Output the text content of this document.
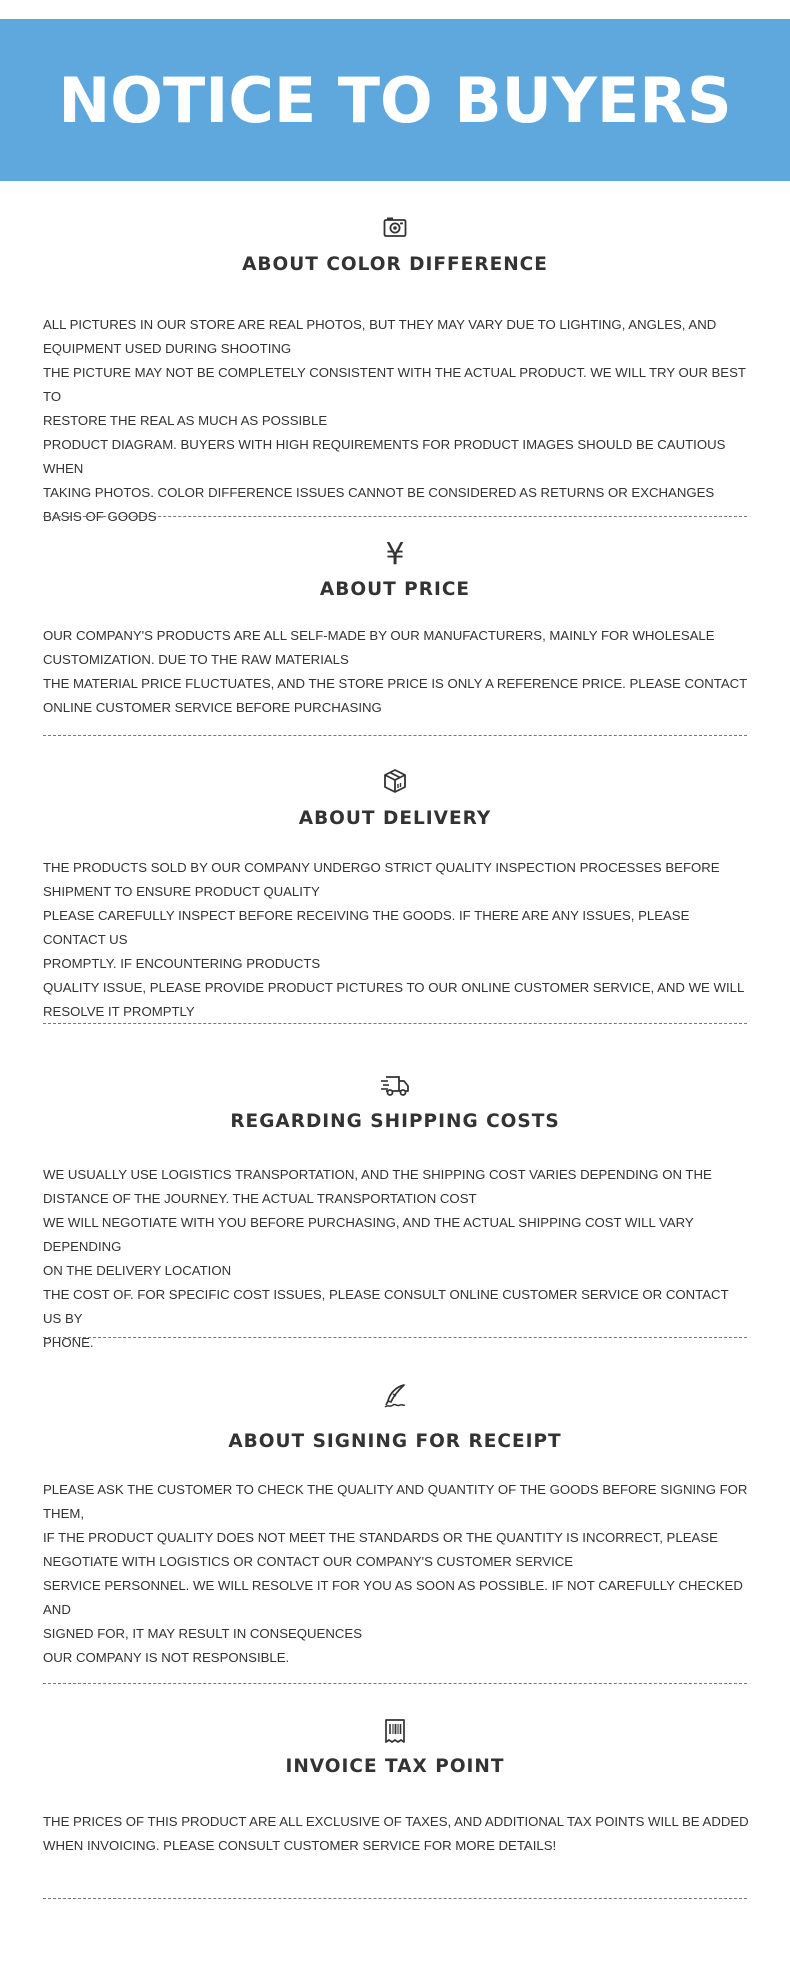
NOTICE TO BUYERS
ABOUT COLOR DIFFERENCE
ALL PICTURES IN OUR STORE ARE REAL PHOTOS, BUT THEY MAY VARY DUE TO LIGHTING, ANGLES, AND
EQUIPMENT USED DURING SHOOTING
THE PICTURE MAY NOT BE COMPLETELY CONSISTENT WITH THE ACTUAL PRODUCT. WE WILL TRY OUR BEST TO
RESTORE THE REAL AS MUCH AS POSSIBLE
PRODUCT DIAGRAM. BUYERS WITH HIGH REQUIREMENTS FOR PRODUCT IMAGES SHOULD BE CAUTIOUS WHEN
TAKING PHOTOS. COLOR DIFFERENCE ISSUES CANNOT BE CONSIDERED AS RETURNS OR EXCHANGES
BASIS OF GOODS
¥
ABOUT PRICE
OUR COMPANY'S PRODUCTS ARE ALL SELF-MADE BY OUR MANUFACTURERS, MAINLY FOR WHOLESALE
CUSTOMIZATION. DUE TO THE RAW MATERIALS
THE MATERIAL PRICE FLUCTUATES, AND THE STORE PRICE IS ONLY A REFERENCE PRICE. PLEASE CONTACT
ONLINE CUSTOMER SERVICE BEFORE PURCHASING
ABOUT DELIVERY
THE PRODUCTS SOLD BY OUR COMPANY UNDERGO STRICT QUALITY INSPECTION PROCESSES BEFORE
SHIPMENT TO ENSURE PRODUCT QUALITY
PLEASE CAREFULLY INSPECT BEFORE RECEIVING THE GOODS. IF THERE ARE ANY ISSUES, PLEASE CONTACT US
PROMPTLY. IF ENCOUNTERING PRODUCTS
QUALITY ISSUE, PLEASE PROVIDE PRODUCT PICTURES TO OUR ONLINE CUSTOMER SERVICE, AND WE WILL
RESOLVE IT PROMPTLY
REGARDING SHIPPING COSTS
WE USUALLY USE LOGISTICS TRANSPORTATION, AND THE SHIPPING COST VARIES DEPENDING ON THE
DISTANCE OF THE JOURNEY. THE ACTUAL TRANSPORTATION COST
WE WILL NEGOTIATE WITH YOU BEFORE PURCHASING, AND THE ACTUAL SHIPPING COST WILL VARY DEPENDING
ON THE DELIVERY LOCATION
THE COST OF. FOR SPECIFIC COST ISSUES, PLEASE CONSULT ONLINE CUSTOMER SERVICE OR CONTACT US BY
PHONE.
ABOUT SIGNING FOR RECEIPT
PLEASE ASK THE CUSTOMER TO CHECK THE QUALITY AND QUANTITY OF THE GOODS BEFORE SIGNING FOR
THEM,
IF THE PRODUCT QUALITY DOES NOT MEET THE STANDARDS OR THE QUANTITY IS INCORRECT, PLEASE
NEGOTIATE WITH LOGISTICS OR CONTACT OUR COMPANY'S CUSTOMER SERVICE
SERVICE PERSONNEL. WE WILL RESOLVE IT FOR YOU AS SOON AS POSSIBLE. IF NOT CAREFULLY CHECKED AND
SIGNED FOR, IT MAY RESULT IN CONSEQUENCES
OUR COMPANY IS NOT RESPONSIBLE.
INVOICE TAX POINT
THE PRICES OF THIS PRODUCT ARE ALL EXCLUSIVE OF TAXES, AND ADDITIONAL TAX POINTS WILL BE ADDED
WHEN INVOICING. PLEASE CONSULT CUSTOMER SERVICE FOR MORE DETAILS!
